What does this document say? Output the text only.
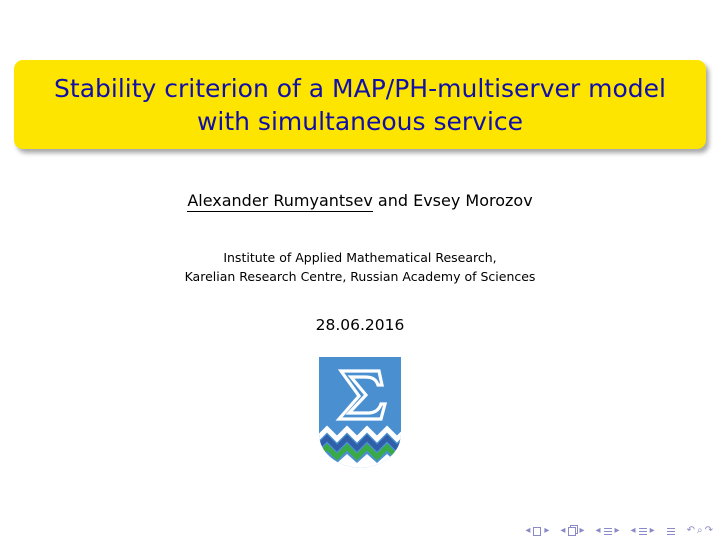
Stability criterion of a MAP/PH-multiserver model
with simultaneous service
Alexander Rumyantsev and Evsey Morozov
Institute of Applied Mathematical Research,
Karelian Research Centre, Russian Academy of Sciences
28.06.2016
◂ ▸ ◂ ▸ ◂ ▸ ◂ ▸	↶ ⌕ ↷
